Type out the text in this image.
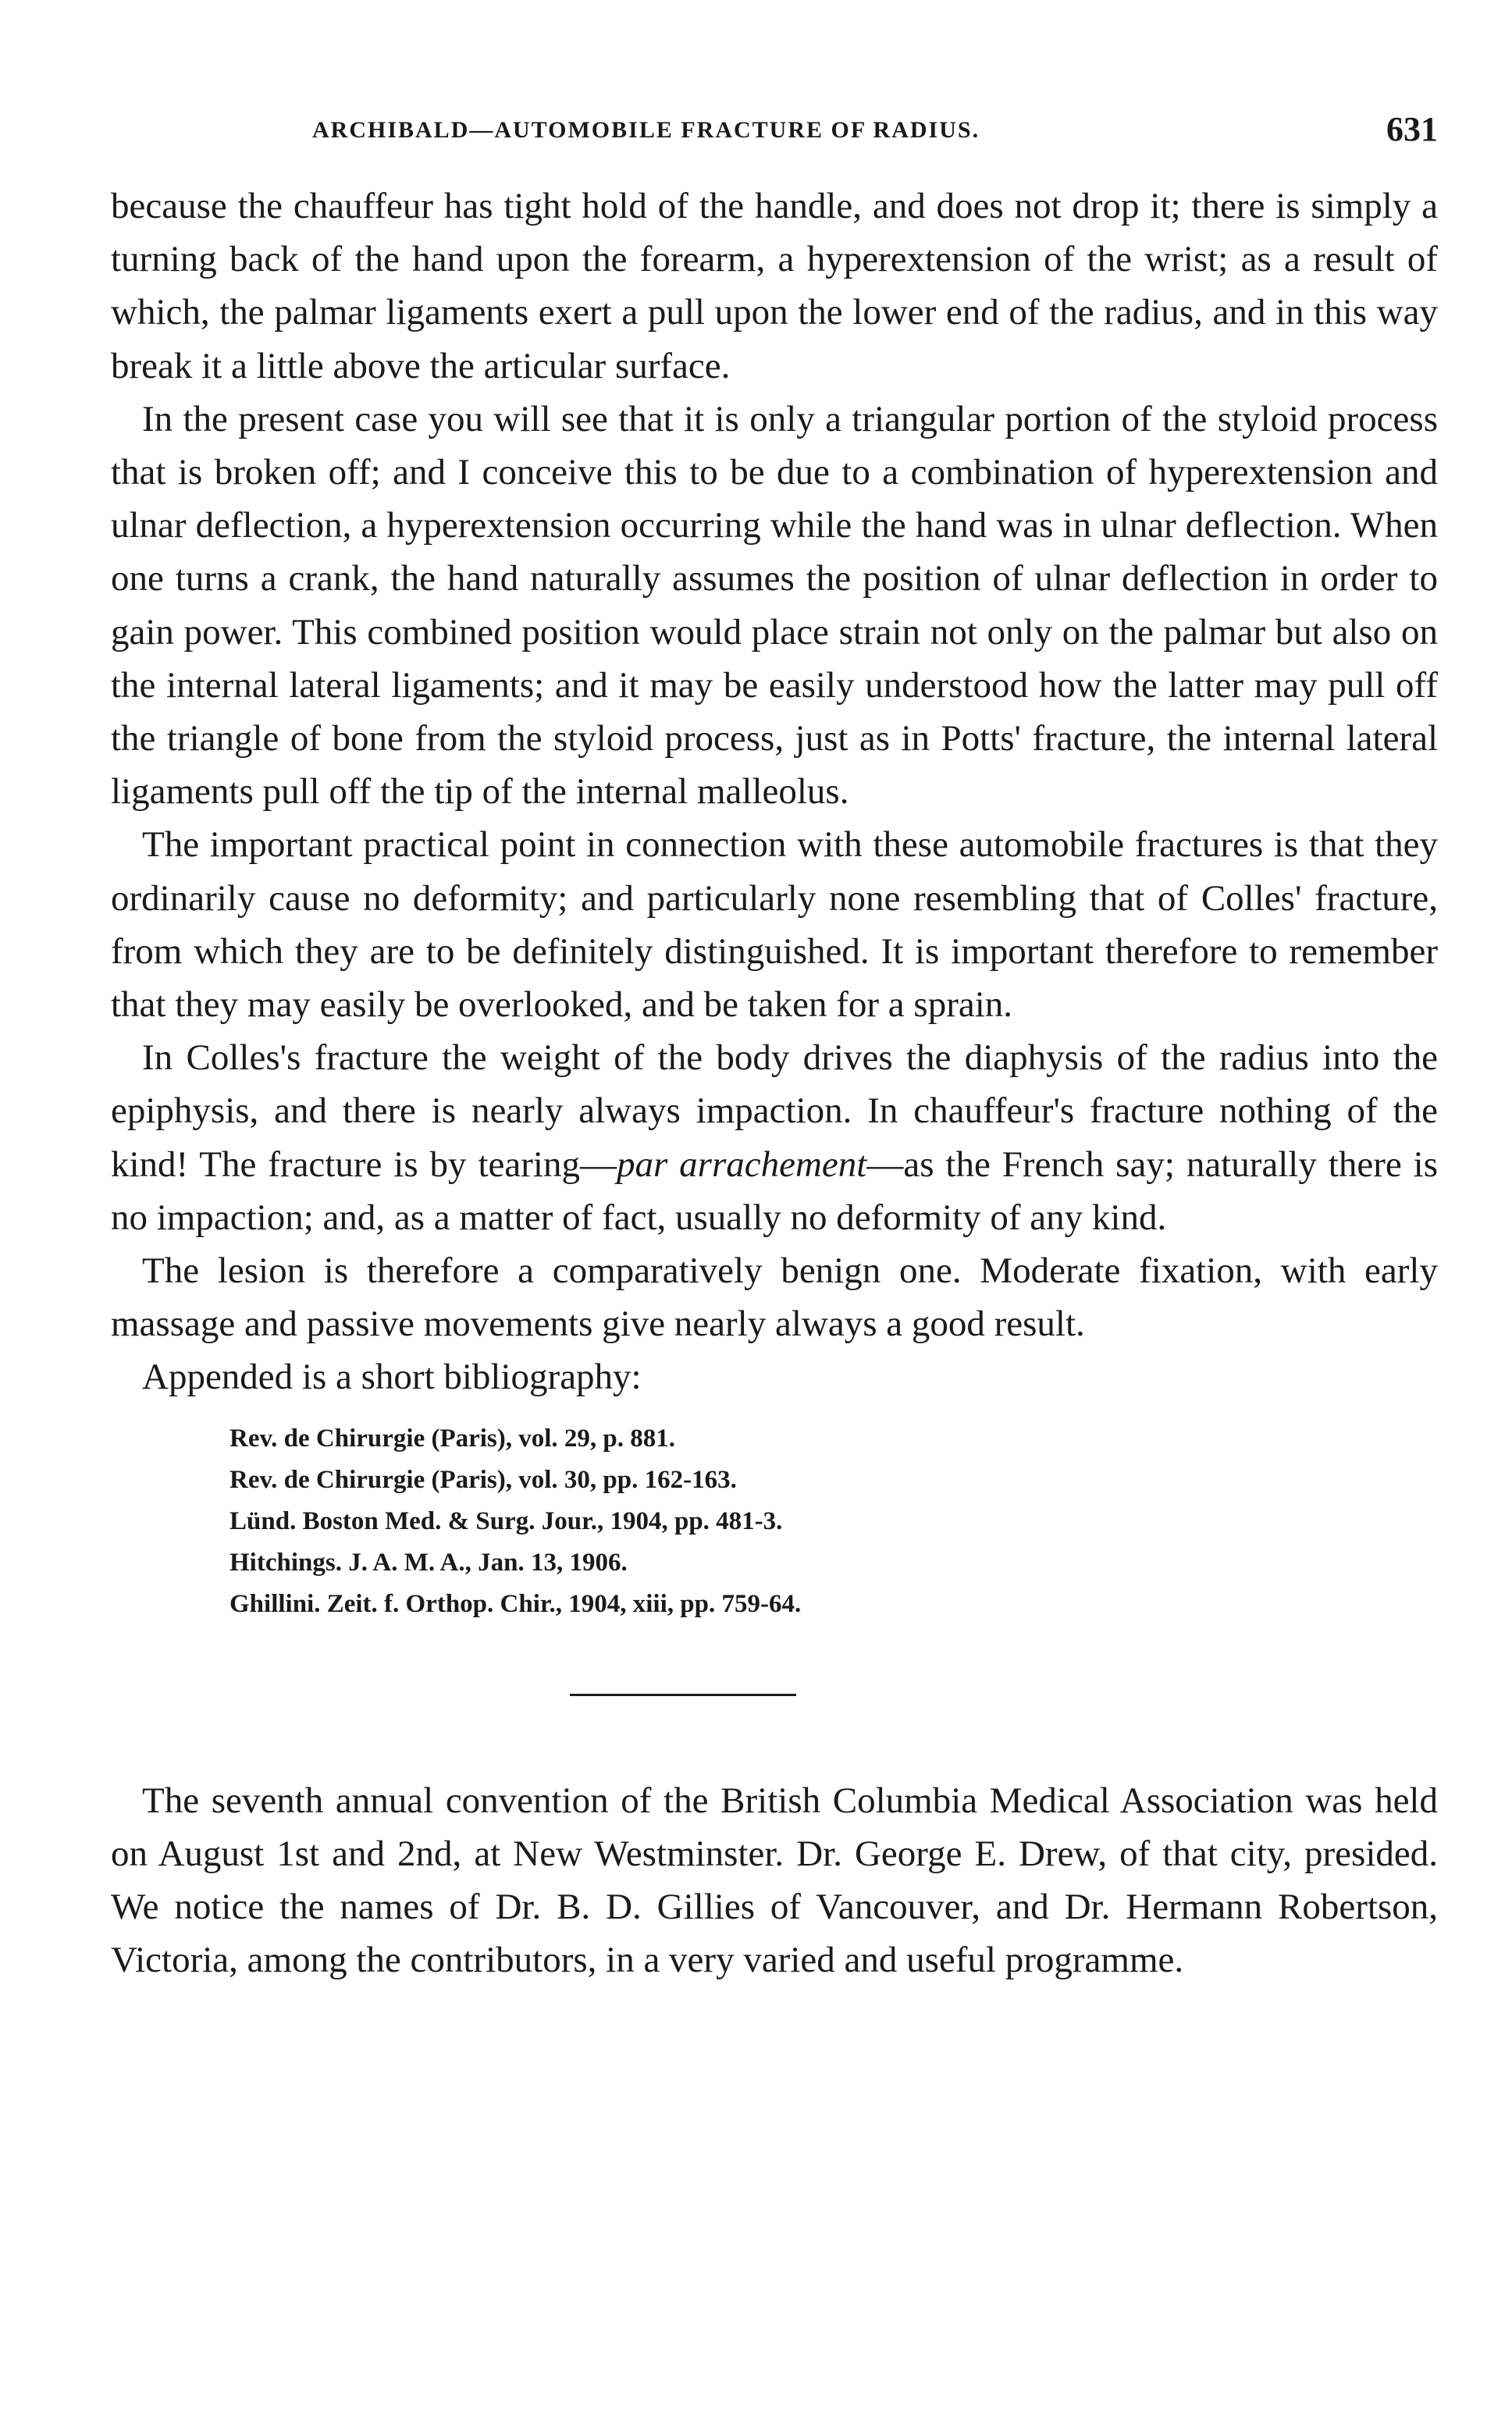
ARCHIBALD—AUTOMOBILE FRACTURE OF RADIUS.	631

because the chauffeur has tight hold of the handle, and does not drop it; there is simply a turning back of the hand upon the forearm, a hyperextension of the wrist; as a result of which, the palmar ligaments exert a pull upon the lower end of the radius, and in this way break it a little above the articular surface.

In the present case you will see that it is only a triangular portion of the styloid process that is broken off; and I conceive this to be due to a combination of hyperextension and ulnar deflection, a hyperextension occurring while the hand was in ulnar deflection. When one turns a crank, the hand naturally assumes the position of ulnar deflection in order to gain power. This combined position would place strain not only on the palmar but also on the internal lateral ligaments; and it may be easily understood how the latter may pull off the triangle of bone from the styloid process, just as in Potts' fracture, the internal lateral ligaments pull off the tip of the internal malleolus.

The important practical point in connection with these automobile fractures is that they ordinarily cause no deformity; and particularly none resembling that of Colles' fracture, from which they are to be definitely distinguished. It is important therefore to remember that they may easily be overlooked, and be taken for a sprain.

In Colles's fracture the weight of the body drives the diaphysis of the radius into the epiphysis, and there is nearly always impaction. In chauffeur's fracture nothing of the kind! The fracture is by tearing—par arrachement—as the French say; naturally there is no impaction; and, as a matter of fact, usually no deformity of any kind.

The lesion is therefore a comparatively benign one. Moderate fixation, with early massage and passive movements give nearly always a good result.

Appended is a short bibliography:

Rev. de Chirurgie (Paris), vol. 29, p. 881.
Rev. de Chirurgie (Paris), vol. 30, pp. 162-163.
Lünd. Boston Med. & Surg. Jour., 1904, pp. 481-3.
Hitchings. J. A. M. A., Jan. 13, 1906.
Ghillini. Zeit. f. Orthop. Chir., 1904, xiii, pp. 759-64.

The seventh annual convention of the British Columbia Medical Association was held on August 1st and 2nd, at New Westminster. Dr. George E. Drew, of that city, presided. We notice the names of Dr. B. D. Gillies of Vancouver, and Dr. Hermann Robertson, Victoria, among the contributors, in a very varied and useful programme.
